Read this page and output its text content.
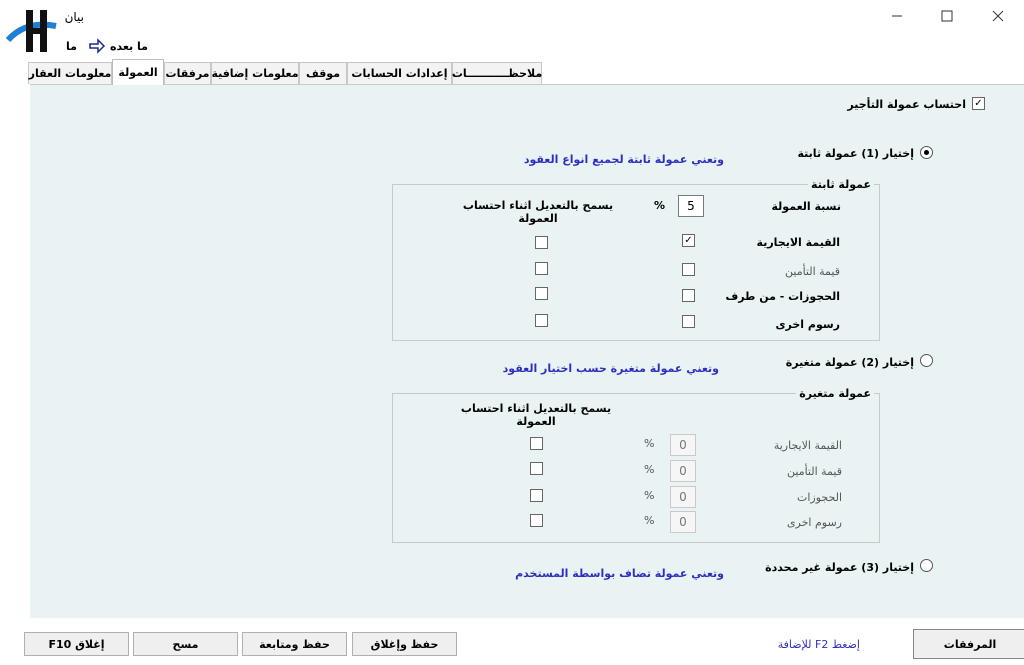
بيان
ما	ما بعده
معلومات العقار العمولة مرفقات معلومات إضافية موقف إعدادات الحسابات ملاحظـــــــــــات
✓
احتساب عمولة التأجير
إختيار (1) عمولة ثابتة
وتعني عمولة ثابتة لجميع انواع العقود
عمولة ثابتة
نسبة العمولة
5
%
يسمح بالتعديل اثناء احتساب العمولة
القيمة الايجارية
✓
قيمة التأمين
الحجوزات - من طرف
رسوم اخرى
إختيار (2) عمولة متغيرة
وتعني عمولة متغيرة حسب اختيار العقود
عمولة متغيرة
يسمح بالتعديل اثناء احتساب العمولة
القيمة الايجارية
0
%
قيمة التأمين
0
%
الحجوزات
0
%
رسوم اخرى
0
%
إختيار (3) عمولة غير محددة
وتعني عمولة تضاف بواسطة المستخدم
المرفقات
إضغط F2 للإضافة
حفظ وإغلاق
حفظ ومتابعة
مسح
إغلاق F10
